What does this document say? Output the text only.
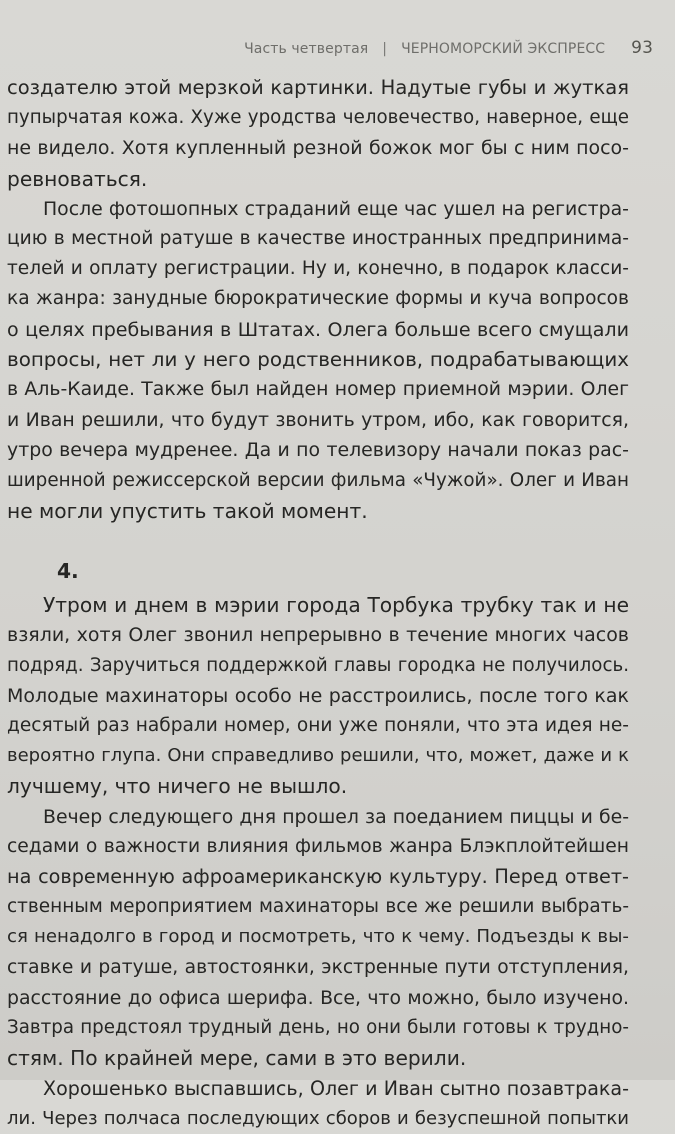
Часть четвертая | ЧЕРНОМОРСКИЙ ЭКСПРЕСС 93
создателю этой мерзкой картинки. Надутые губы и жуткая
пупырчатая кожа. Хуже уродства человечество, наверное, еще
не видело. Хотя купленный резной божок мог бы с ним посо-
ревноваться.
После фотошопных страданий еще час ушел на регистра-
цию в местной ратуше в качестве иностранных предпринима-
телей и оплату регистрации. Ну и, конечно, в подарок класси-
ка жанра: занудные бюрократические формы и куча вопросов
о целях пребывания в Штатах. Олега больше всего смущали
вопросы, нет ли у него родственников, подрабатывающих
в Аль-Каиде. Также был найден номер приемной мэрии. Олег
и Иван решили, что будут звонить утром, ибо, как говорится,
утро вечера мудренее. Да и по телевизору начали показ рас-
ширенной режиссерской версии фильма «Чужой». Олег и Иван
не могли упустить такой момент.
4.
Утром и днем в мэрии города Торбука трубку так и не
взяли, хотя Олег звонил непрерывно в течение многих часов
подряд. Заручиться поддержкой главы городка не получилось.
Молодые махинаторы особо не расстроились, после того как
десятый раз набрали номер, они уже поняли, что эта идея не-
вероятно глупа. Они справедливо решили, что, может, даже и к
лучшему, что ничего не вышло.
Вечер следующего дня прошел за поеданием пиццы и бе-
седами о важности влияния фильмов жанра Блэкплойтейшен
на современную афроамериканскую культуру. Перед ответ-
ственным мероприятием махинаторы все же решили выбрать-
ся ненадолго в город и посмотреть, что к чему. Подъезды к вы-
ставке и ратуше, автостоянки, экстренные пути отступления,
расстояние до офиса шерифа. Все, что можно, было изучено.
Завтра предстоял трудный день, но они были готовы к трудно-
стям. По крайней мере, сами в это верили.
Хорошенько выспавшись, Олег и Иван сытно позавтрака-
ли. Через полчаса последующих сборов и безуспешной попытки
